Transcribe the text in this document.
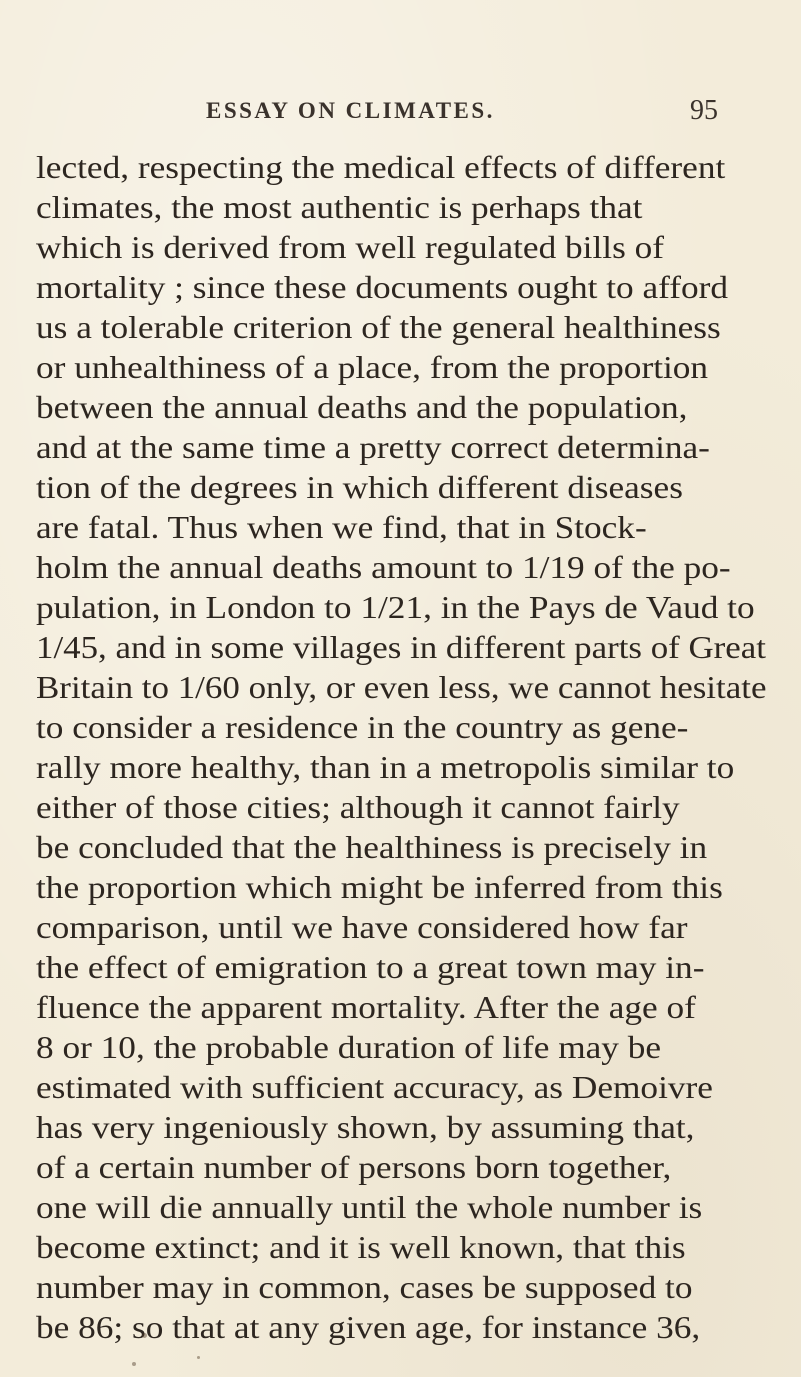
ESSAY ON CLIMATES.	95
lected, respecting the medical effects of different
climates, the most authentic is perhaps that
which is derived from well regulated bills of
mortality ; since these documents ought to afford
us a tolerable criterion of the general healthiness
or unhealthiness of a place, from the proportion
between the annual deaths and the population,
and at the same time a pretty correct determina-
tion of the degrees in which different diseases
are fatal. Thus when we find, that in Stock-
holm the annual deaths amount to 1/19 of the po-
pulation, in London to 1/21, in the Pays de Vaud to
1/45, and in some villages in different parts of Great
Britain to 1/60 only, or even less, we cannot hesitate
to consider a residence in the country as gene-
rally more healthy, than in a metropolis similar to
either of those cities; although it cannot fairly
be concluded that the healthiness is precisely in
the proportion which might be inferred from this
comparison, until we have considered how far
the effect of emigration to a great town may in-
fluence the apparent mortality. After the age of
8 or 10, the probable duration of life may be
estimated with sufficient accuracy, as Demoivre
has very ingeniously shown, by assuming that,
of a certain number of persons born together,
one will die annually until the whole number is
become extinct; and it is well known, that this
number may in common, cases be supposed to
be 86; so that at any given age, for instance 36,
